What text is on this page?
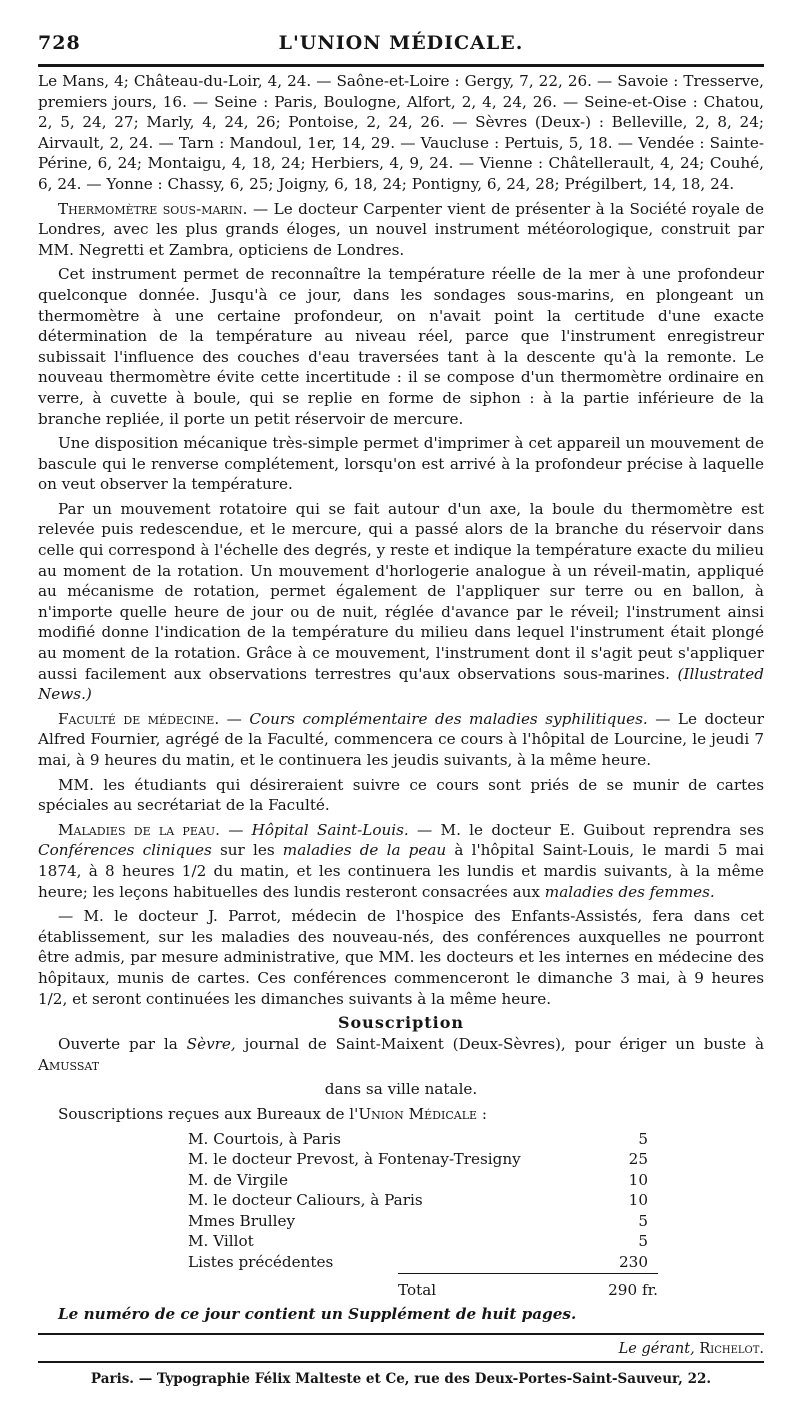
728	L'UNION MÉDICALE.

Le Mans, 4; Château-du-Loir, 4, 24. — Saône-et-Loire : Gergy, 7, 22, 26. — Savoie : Tresserve, premiers jours, 16. — Seine : Paris, Boulogne, Alfort, 2, 4, 24, 26. — Seine-et-Oise : Chatou, 2, 5, 24, 27; Marly, 4, 24, 26; Pontoise, 2, 24, 26. — Sèvres (Deux-) : Belleville, 2, 8, 24; Airvault, 2, 24. — Tarn : Mandoul, 1er, 14, 29. — Vaucluse : Pertuis, 5, 18. — Vendée : Sainte-Périne, 6, 24; Montaigu, 4, 18, 24; Herbiers, 4, 9, 24. — Vienne : Châtellerault, 4, 24; Couhé, 6, 24. — Yonne : Chassy, 6, 25; Joigny, 6, 18, 24; Pontigny, 6, 24, 28; Prégilbert, 14, 18, 24.

Thermomètre sous-marin. — Le docteur Carpenter vient de présenter à la Société royale de Londres, avec les plus grands éloges, un nouvel instrument météorologique, construit par MM. Negretti et Zambra, opticiens de Londres.

Cet instrument permet de reconnaître la température réelle de la mer à une profondeur quelconque donnée. Jusqu'à ce jour, dans les sondages sous-marins, en plongeant un thermomètre à une certaine profondeur, on n'avait point la certitude d'une exacte détermination de la température au niveau réel, parce que l'instrument enregistreur subissait l'influence des couches d'eau traversées tant à la descente qu'à la remonte. Le nouveau thermomètre évite cette incertitude : il se compose d'un thermomètre ordinaire en verre, à cuvette à boule, qui se replie en forme de siphon : à la partie inférieure de la branche repliée, il porte un petit réservoir de mercure.

Une disposition mécanique très-simple permet d'imprimer à cet appareil un mouvement de bascule qui le renverse complétement, lorsqu'on est arrivé à la profondeur précise à laquelle on veut observer la température.

Par un mouvement rotatoire qui se fait autour d'un axe, la boule du thermomètre est relevée puis redescendue, et le mercure, qui a passé alors de la branche du réservoir dans celle qui correspond à l'échelle des degrés, y reste et indique la température exacte du milieu au moment de la rotation. Un mouvement d'horlogerie analogue à un réveil-matin, appliqué au mécanisme de rotation, permet également de l'appliquer sur terre ou en ballon, à n'importe quelle heure de jour ou de nuit, réglée d'avance par le réveil; l'instrument ainsi modifié donne l'indication de la température du milieu dans lequel l'instrument était plongé au moment de la rotation. Grâce à ce mouvement, l'instrument dont il s'agit peut s'appliquer aussi facilement aux observations terrestres qu'aux observations sous-marines. (Illustrated News.)

Faculté de médecine. — Cours complémentaire des maladies syphilitiques. — Le docteur Alfred Fournier, agrégé de la Faculté, commencera ce cours à l'hôpital de Lourcine, le jeudi 7 mai, à 9 heures du matin, et le continuera les jeudis suivants, à la même heure.

MM. les étudiants qui désireraient suivre ce cours sont priés de se munir de cartes spéciales au secrétariat de la Faculté.

Maladies de la peau. — Hôpital Saint-Louis. — M. le docteur E. Guibout reprendra ses Conférences cliniques sur les maladies de la peau à l'hôpital Saint-Louis, le mardi 5 mai 1874, à 8 heures 1/2 du matin, et les continuera les lundis et mardis suivants, à la même heure; les leçons habituelles des lundis resteront consacrées aux maladies des femmes.

— M. le docteur J. Parrot, médecin de l'hospice des Enfants-Assistés, fera dans cet établissement, sur les maladies des nouveau-nés, des conférences auxquelles ne pourront être admis, par mesure administrative, que MM. les docteurs et les internes en médecine des hôpitaux, munis de cartes. Ces conférences commenceront le dimanche 3 mai, à 9 heures 1/2, et seront continuées les dimanches suivants à la même heure.

Souscription

Ouverte par la Sèvre, journal de Saint-Maixent (Deux-Sèvres), pour ériger un buste à Amussat

dans sa ville natale.

Souscriptions reçues aux Bureaux de l'Union Médicale :

M. Courtois, à Paris	5
M. le docteur Prevost, à Fontenay-Tresigny	25
M. de Virgile	10
M. le docteur Caliours, à Paris	10
Mmes Brulley	5
M. Villot	5
Listes précédentes	230
Total	290 fr.

Le numéro de ce jour contient un Supplément de huit pages.

Le gérant, Richelot.
Paris. — Typographie Félix Malteste et Ce, rue des Deux-Portes-Saint-Sauveur, 22.
